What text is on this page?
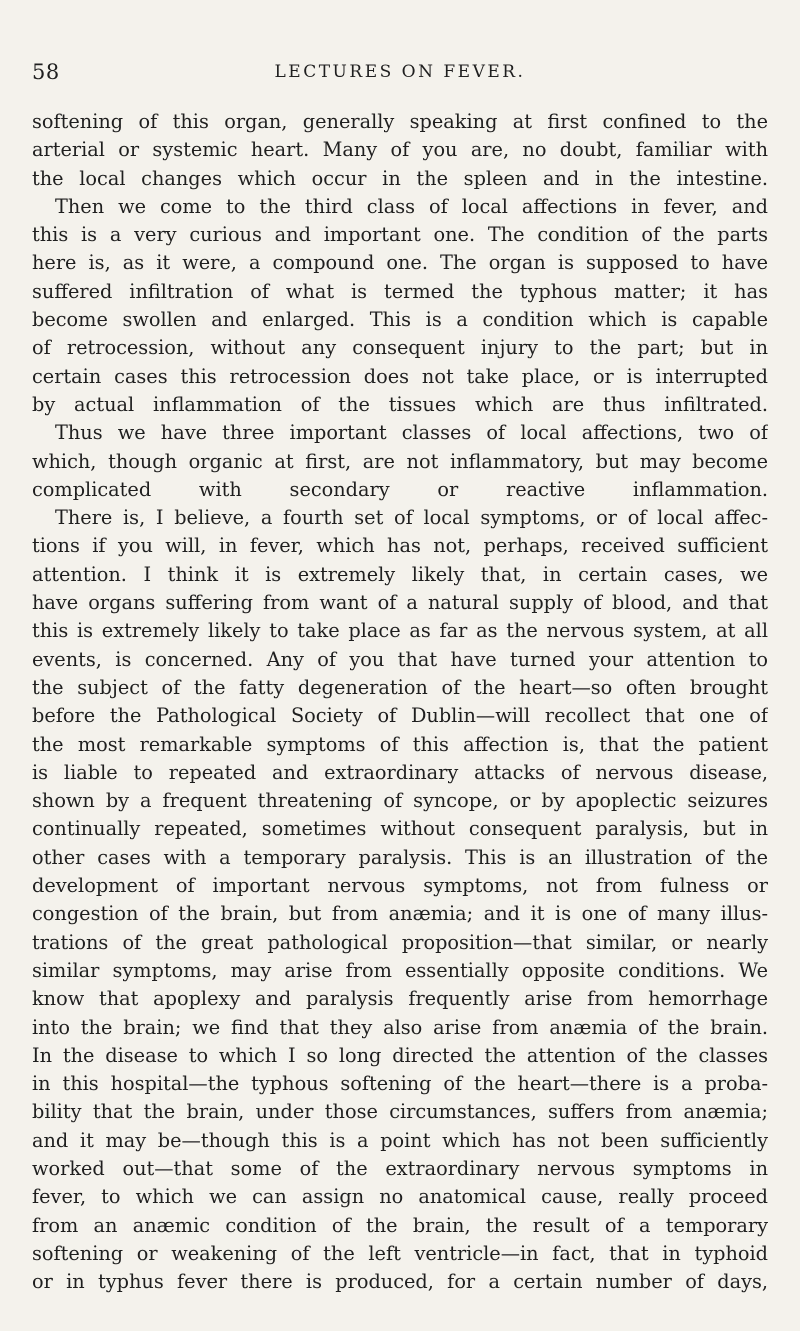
58	LECTURES ON FEVER.
softening of this organ, generally speaking at first confined to the
arterial or systemic heart. Many of you are, no doubt, familiar with
the local changes which occur in the spleen and in the intestine.
Then we come to the third class of local affections in fever, and
this is a very curious and important one. The condition of the parts
here is, as it were, a compound one. The organ is supposed to have
suffered infiltration of what is termed the typhous matter; it has
become swollen and enlarged. This is a condition which is capable
of retrocession, without any consequent injury to the part; but in
certain cases this retrocession does not take place, or is interrupted
by actual inflammation of the tissues which are thus infiltrated.
Thus we have three important classes of local affections, two of
which, though organic at first, are not inflammatory, but may become
complicated with secondary or reactive inflammation.
There is, I believe, a fourth set of local symptoms, or of local affec-
tions if you will, in fever, which has not, perhaps, received sufficient
attention. I think it is extremely likely that, in certain cases, we
have organs suffering from want of a natural supply of blood, and that
this is extremely likely to take place as far as the nervous system, at all
events, is concerned. Any of you that have turned your attention to
the subject of the fatty degeneration of the heart—so often brought
before the Pathological Society of Dublin—will recollect that one of
the most remarkable symptoms of this affection is, that the patient
is liable to repeated and extraordinary attacks of nervous disease,
shown by a frequent threatening of syncope, or by apoplectic seizures
continually repeated, sometimes without consequent paralysis, but in
other cases with a temporary paralysis. This is an illustration of the
development of important nervous symptoms, not from fulness or
congestion of the brain, but from anæmia; and it is one of many illus-
trations of the great pathological proposition—that similar, or nearly
similar symptoms, may arise from essentially opposite conditions. We
know that apoplexy and paralysis frequently arise from hemorrhage
into the brain; we find that they also arise from anæmia of the brain.
In the disease to which I so long directed the attention of the classes
in this hospital—the typhous softening of the heart—there is a proba-
bility that the brain, under those circumstances, suffers from anæmia;
and it may be—though this is a point which has not been sufficiently
worked out—that some of the extraordinary nervous symptoms in
fever, to which we can assign no anatomical cause, really proceed
from an anæmic condition of the brain, the result of a temporary
softening or weakening of the left ventricle—in fact, that in typhoid
or in typhus fever there is produced, for a certain number of days,
